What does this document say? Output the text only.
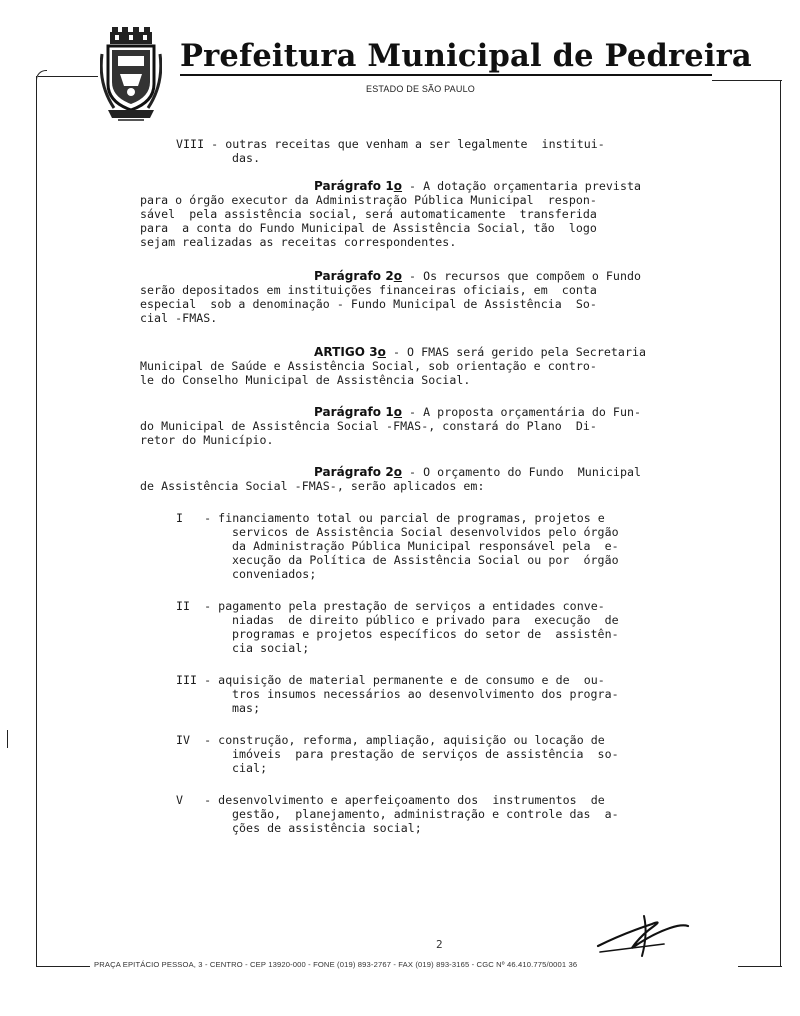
Prefeitura Municipal de Pedreira
ESTADO DE SÃO PAULO
VIII - outras receitas que venham a ser legalmente  institui-
das.
Parágrafo 1o - A dotação orçamentaria prevista
para o órgão executor da Administração Pública Municipal  respon-
sável  pela assistência social, será automaticamente  transferida
para  a conta do Fundo Municipal de Assistência Social, tão  logo
sejam realizadas as receitas correspondentes.
Parágrafo 2o - Os recursos que compõem o Fundo
serão depositados em instituições financeiras oficiais, em  conta
especial  sob a denominação - Fundo Municipal de Assistência  So-
cial -FMAS.
ARTIGO 3o - O FMAS será gerido pela Secretaria
Municipal de Saúde e Assistência Social, sob orientação e contro-
le do Conselho Municipal de Assistência Social.
Parágrafo 1o - A proposta orçamentária do Fun-
do Municipal de Assistência Social -FMAS-, constará do Plano  Di-
retor do Município.
Parágrafo 2o - O orçamento do Fundo  Municipal
de Assistência Social -FMAS-, serão aplicados em:
I   - financiamento total ou parcial de programas, projetos e
servicos de Assistência Social desenvolvidos pelo órgão
da Administração Pública Municipal responsável pela  e-
xecução da Política de Assistência Social ou por  órgão
conveniados;
II  - pagamento pela prestação de serviços a entidades conve-
niadas  de direito público e privado para  execução  de
programas e projetos específicos do setor de  assistên-
cia social;
III - aquisição de material permanente e de consumo e de  ou-
tros insumos necessários ao desenvolvimento dos progra-
mas;
IV  - construção, reforma, ampliação, aquisição ou locação de
imóveis  para prestação de serviços de assistência  so-
cial;
V   - desenvolvimento e aperfeiçoamento dos  instrumentos  de
gestão,  planejamento, administração e controle das  a-
ções de assistência social;
2
PRAÇA EPITÁCIO PESSOA, 3 - CENTRO - CEP 13920-000 - FONE (019) 893-2767 - FAX (019) 893-3165 - CGC Nº 46.410.775/0001 36
